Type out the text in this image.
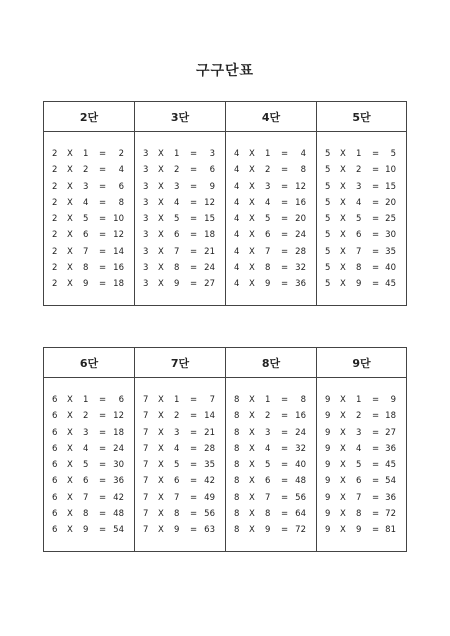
구구단표
2단
2 X 1 = 2
2 X 2 = 4
2 X 3 = 6
2 X 4 = 8
2 X 5 = 10
2 X 6 = 12
2 X 7 = 14
2 X 8 = 16
2 X 9 = 18
3단
3 X 1 = 3
3 X 2 = 6
3 X 3 = 9
3 X 4 = 12
3 X 5 = 15
3 X 6 = 18
3 X 7 = 21
3 X 8 = 24
3 X 9 = 27
4단
4 X 1 = 4
4 X 2 = 8
4 X 3 = 12
4 X 4 = 16
4 X 5 = 20
4 X 6 = 24
4 X 7 = 28
4 X 8 = 32
4 X 9 = 36
5단
5 X 1 = 5
5 X 2 = 10
5 X 3 = 15
5 X 4 = 20
5 X 5 = 25
5 X 6 = 30
5 X 7 = 35
5 X 8 = 40
5 X 9 = 45
6단
6 X 1 = 6
6 X 2 = 12
6 X 3 = 18
6 X 4 = 24
6 X 5 = 30
6 X 6 = 36
6 X 7 = 42
6 X 8 = 48
6 X 9 = 54
7단
7 X 1 = 7
7 X 2 = 14
7 X 3 = 21
7 X 4 = 28
7 X 5 = 35
7 X 6 = 42
7 X 7 = 49
7 X 8 = 56
7 X 9 = 63
8단
8 X 1 = 8
8 X 2 = 16
8 X 3 = 24
8 X 4 = 32
8 X 5 = 40
8 X 6 = 48
8 X 7 = 56
8 X 8 = 64
8 X 9 = 72
9단
9 X 1 = 9
9 X 2 = 18
9 X 3 = 27
9 X 4 = 36
9 X 5 = 45
9 X 6 = 54
9 X 7 = 36
9 X 8 = 72
9 X 9 = 81
